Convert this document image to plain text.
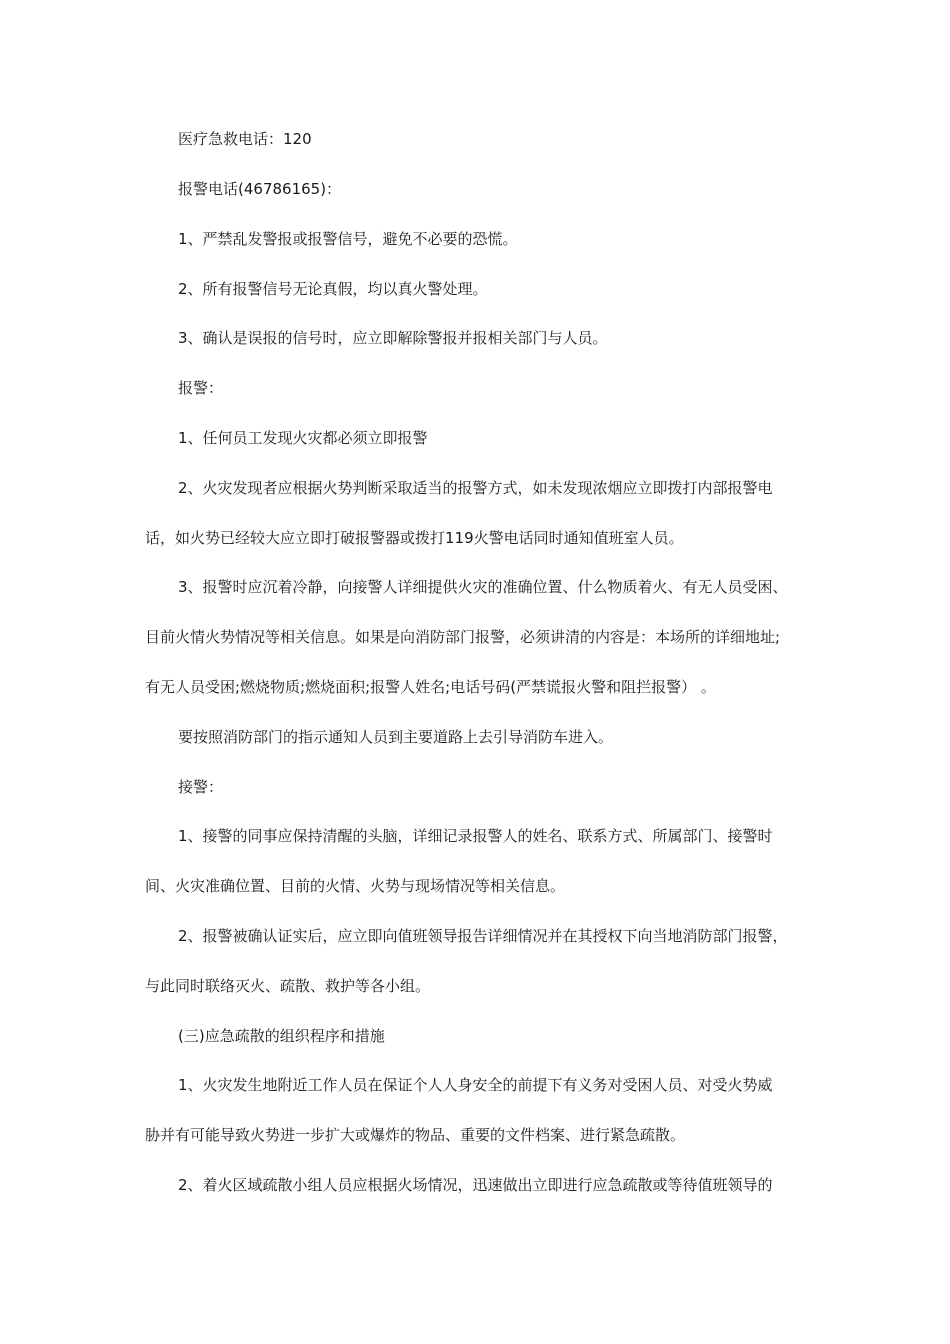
医疗急救电话：120
报警电话(46786165)：
1、严禁乱发警报或报警信号，避免不必要的恐慌。
2、所有报警信号无论真假，均以真火警处理。
3、确认是误报的信号时，应立即解除警报并报相关部门与人员。
报警：
1、任何员工发现火灾都必须立即报警
2、火灾发现者应根据火势判断采取适当的报警方式，如未发现浓烟应立即拨打内部报警电
话，如火势已经较大应立即打破报警器或拨打119火警电话同时通知值班室人员。
3、报警时应沉着冷静，向接警人详细提供火灾的准确位置、什么物质着火、有无人员受困、
目前火情火势情况等相关信息。如果是向消防部门报警，必须讲清的内容是：本场所的详细地址;
有无人员受困;燃烧物质;燃烧面积;报警人姓名;电话号码(严禁谎报火警和阻拦报警） 。
要按照消防部门的指示通知人员到主要道路上去引导消防车进入。
接警：
1、接警的同事应保持清醒的头脑，详细记录报警人的姓名、联系方式、所属部门、接警时
间、火灾准确位置、目前的火情、火势与现场情况等相关信息。
2、报警被确认证实后，应立即向值班领导报告详细情况并在其授权下向当地消防部门报警，
与此同时联络灭火、疏散、救护等各小组。
(三)应急疏散的组织程序和措施
1、火灾发生地附近工作人员在保证个人人身安全的前提下有义务对受困人员、对受火势威
胁并有可能导致火势进一步扩大或爆炸的物品、重要的文件档案、进行紧急疏散。
2、着火区域疏散小组人员应根据火场情况，迅速做出立即进行应急疏散或等待值班领导的
